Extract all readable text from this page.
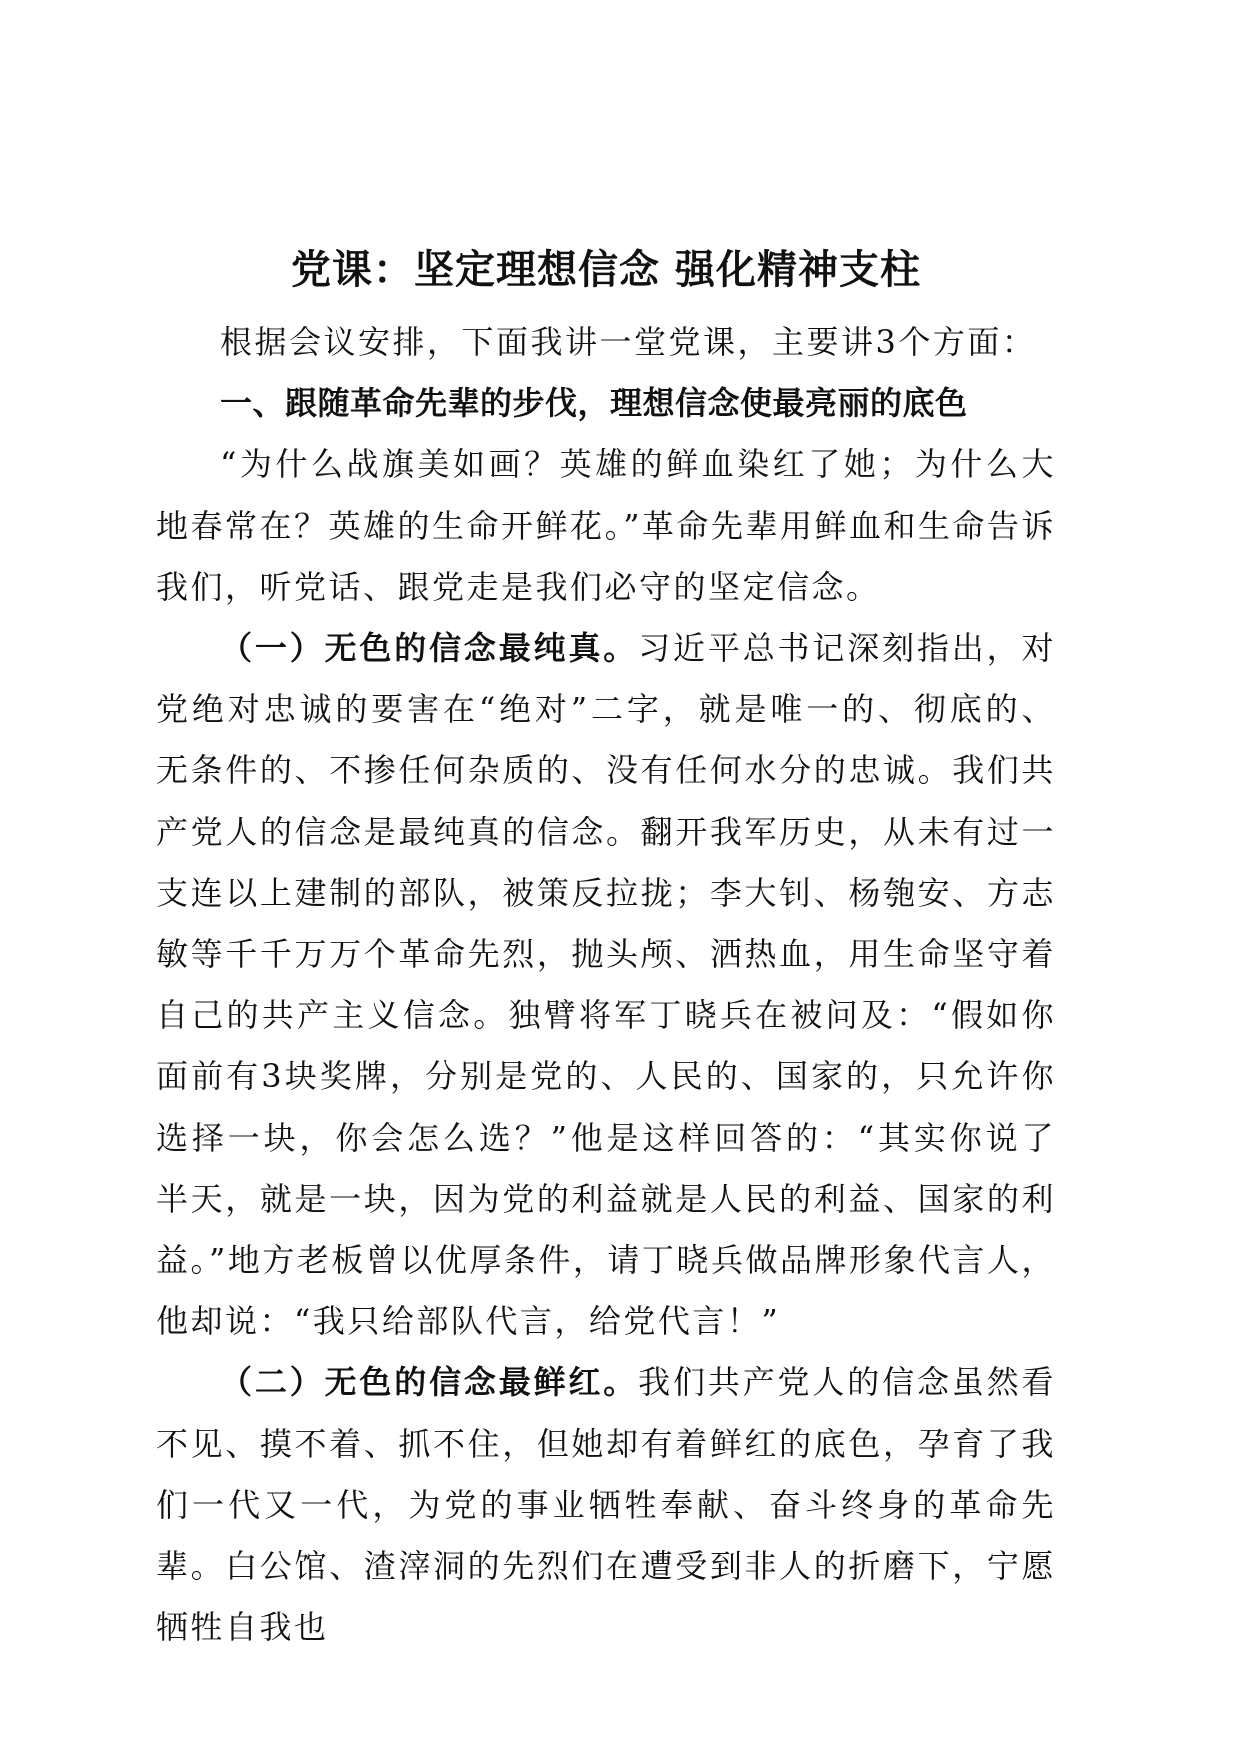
党课：坚定理想信念 强化精神支柱

根据会议安排，下面我讲一堂党课，主要讲3个方面：

一、跟随革命先辈的步伐，理想信念使最亮丽的底色

“为什么战旗美如画？英雄的鲜血染红了她；为什么大地春常在？英雄的生命开鲜花。”革命先辈用鲜血和生命告诉我们，听党话、跟党走是我们必守的坚定信念。

（一）无色的信念最纯真。习近平总书记深刻指出，对党绝对忠诚的要害在“绝对”二字，就是唯一的、彻底的、无条件的、不掺任何杂质的、没有任何水分的忠诚。我们共产党人的信念是最纯真的信念。翻开我军历史，从未有过一支连以上建制的部队，被策反拉拢；李大钊、杨匏安、方志敏等千千万万个革命先烈，抛头颅、洒热血，用生命坚守着自己的共产主义信念。独臂将军丁晓兵在被问及：“假如你面前有3块奖牌，分别是党的、人民的、国家的，只允许你选择一块，你会怎么选？”他是这样回答的：“其实你说了半天，就是一块，因为党的利益就是人民的利益、国家的利益。”地方老板曾以优厚条件，请丁晓兵做品牌形象代言人，他却说：“我只给部队代言，给党代言！”

（二）无色的信念最鲜红。我们共产党人的信念虽然看不见、摸不着、抓不住，但她却有着鲜红的底色，孕育了我们一代又一代，为党的事业牺牲奉献、奋斗终身的革命先辈。白公馆、渣滓洞的先烈们在遭受到非人的折磨下，宁愿牺牲自我也
